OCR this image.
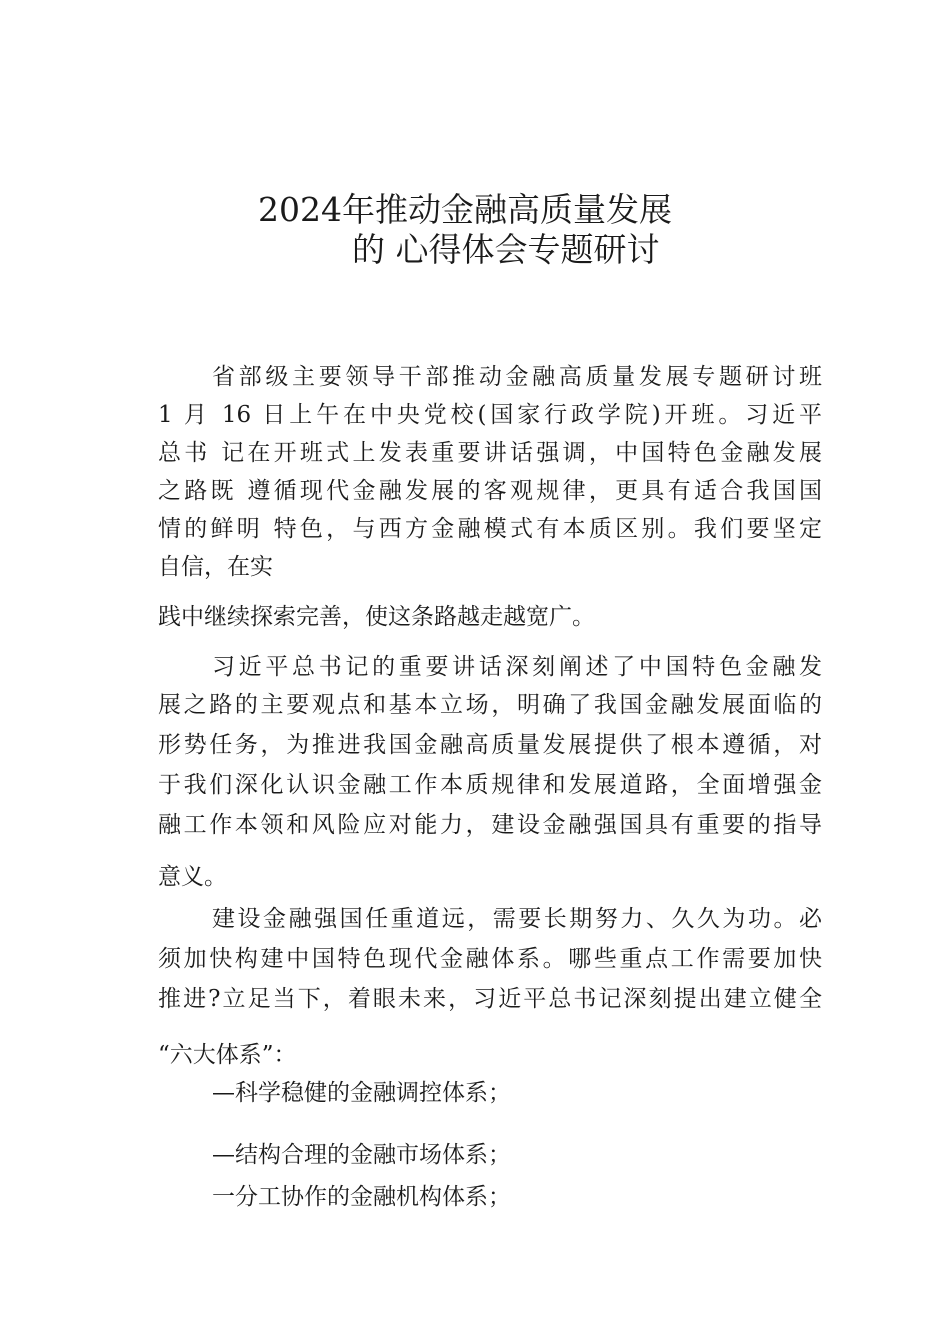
2024年推动金融高质量发展
的 心得体会专题研讨
省部级主要领导干部推动金融高质量发展专题研讨班
1 月 16 日上午在中央党校(国家行政学院)开班。习近平
总书 记在开班式上发表重要讲话强调，中国特色金融发展
之路既 遵循现代金融发展的客观规律，更具有适合我国国
情的鲜明 特色，与西方金融模式有本质区别。我们要坚定
自信，在实
践中继续探索完善，使这条路越走越宽广。
习近平总书记的重要讲话深刻阐述了中国特色金融发
展之路的主要观点和基本立场，明确了我国金融发展面临的
形势任务，为推进我国金融高质量发展提供了根本遵循，对
于我们深化认识金融工作本质规律和发展道路，全面增强金
融工作本领和风险应对能力，建设金融强国具有重要的指导
意义。
建设金融强国任重道远，需要长期努力、久久为功。必
须加快构建中国特色现代金融体系。哪些重点工作需要加快
推进?立足当下，着眼未来，习近平总书记深刻提出建立健全
“六大体系”：
—科学稳健的金融调控体系；
—结构合理的金融市场体系；
一分工协作的金融机构体系；
